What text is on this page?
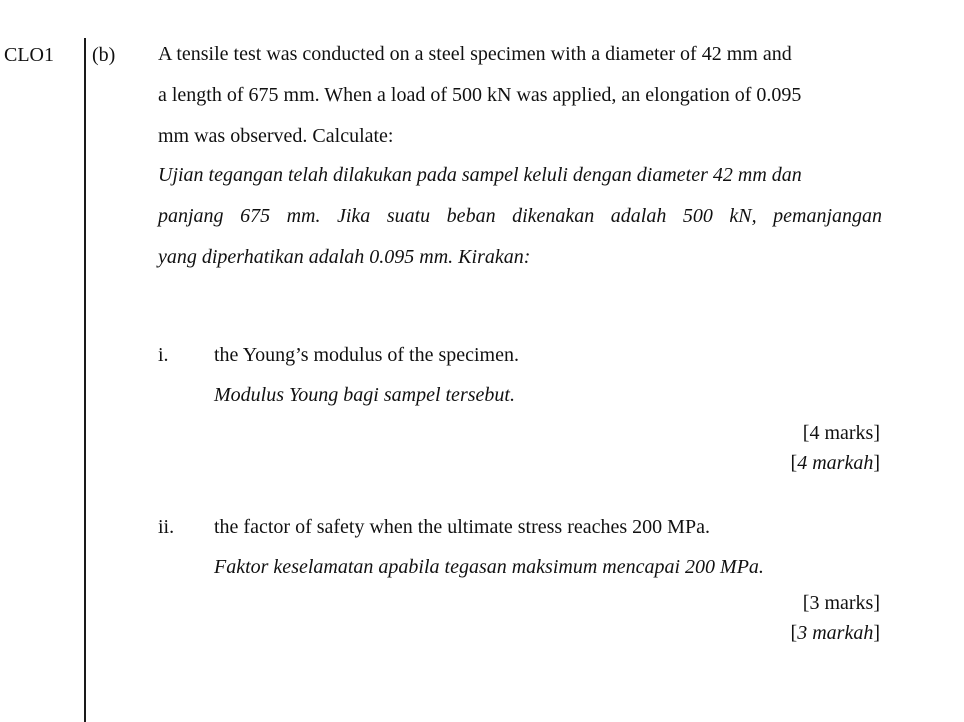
CLO1 (b) A tensile test was conducted on a steel specimen with a diameter of 42 mm and
a length of 675 mm. When a load of 500 kN was applied, an elongation of 0.095
mm was observed. Calculate:
Ujian tegangan telah dilakukan pada sampel keluli dengan diameter 42 mm dan
panjang 675 mm. Jika suatu beban dikenakan adalah 500 kN, pemanjangan
yang diperhatikan adalah 0.095 mm. Kirakan:
i. the Young’s modulus of the specimen.
Modulus Young bagi sampel tersebut.
[4 marks]
[4 markah]
ii. the factor of safety when the ultimate stress reaches 200 MPa.
Faktor keselamatan apabila tegasan maksimum mencapai 200 MPa.
[3 marks]
[3 markah]
